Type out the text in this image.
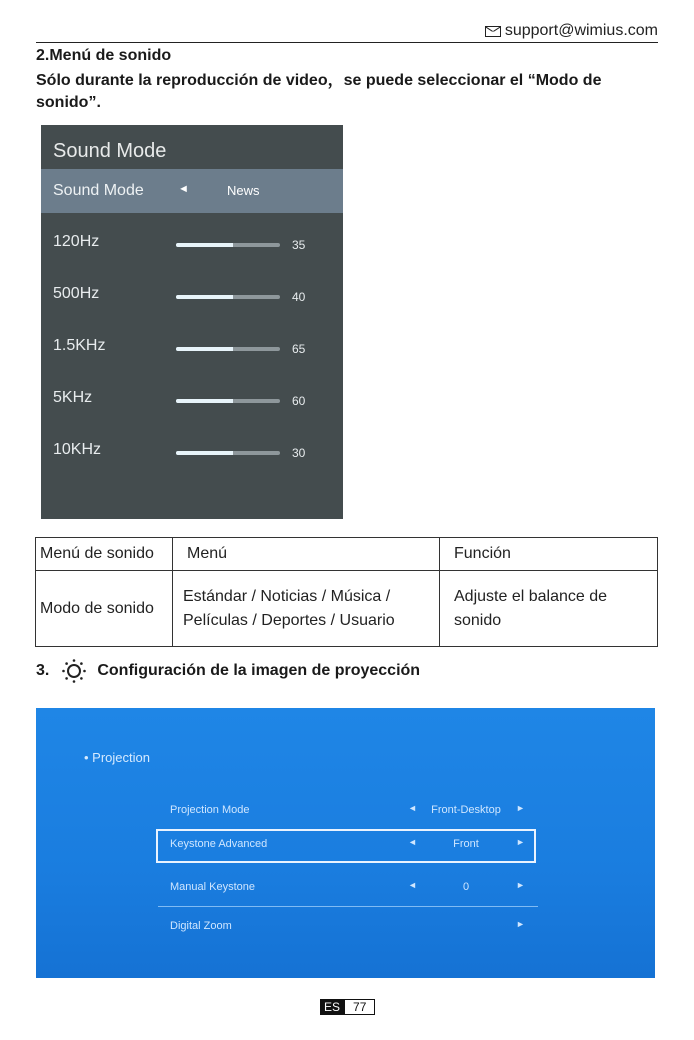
support@wimius.com
2.Menú de sonido
Sólo durante la reproducción de video，se puede seleccionar el “Modo de sonido”.
Sound Mode
Sound Mode	◄	News
120Hz	35
500Hz	40
1.5KHz	65
5KHz	60
10KHz	30
Menú de sonido	Menú	Función
Modo de sonido	Estándar / Noticias / Música / Películas / Deportes / Usuario	Adjuste el balance de sonido
3.	Configuración de la imagen de proyección
• Projection
Projection Mode	◄	Front-Desktop	►
Keystone Advanced	◄	Front	►
Manual Keystone	◄	0	►
Digital Zoom	►
ES	77
